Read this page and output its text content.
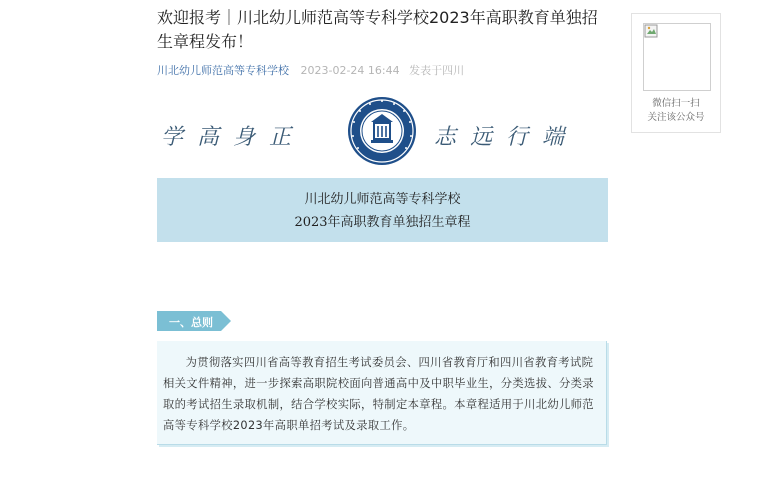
欢迎报考｜川北幼儿师范高等专科学校2023年高职教育单独招生章程发布！
川北幼儿师范高等专科学校 2023-02-24 16:44 发表于四川
学高身正	志远行端
川北幼儿师范高等专科学校
2023年高职教育单独招生章程
一、总则
为贯彻落实四川省高等教育招生考试委员会、四川省教育厅和四川省教育考试院相关文件精神，进一步探索高职院校面向普通高中及中职毕业生，分类选拔、分类录取的考试招生录取机制，结合学校实际，特制定本章程。本章程适用于川北幼儿师范高等专科学校2023年高职单招考试及录取工作。
微信扫一扫
关注该公众号
